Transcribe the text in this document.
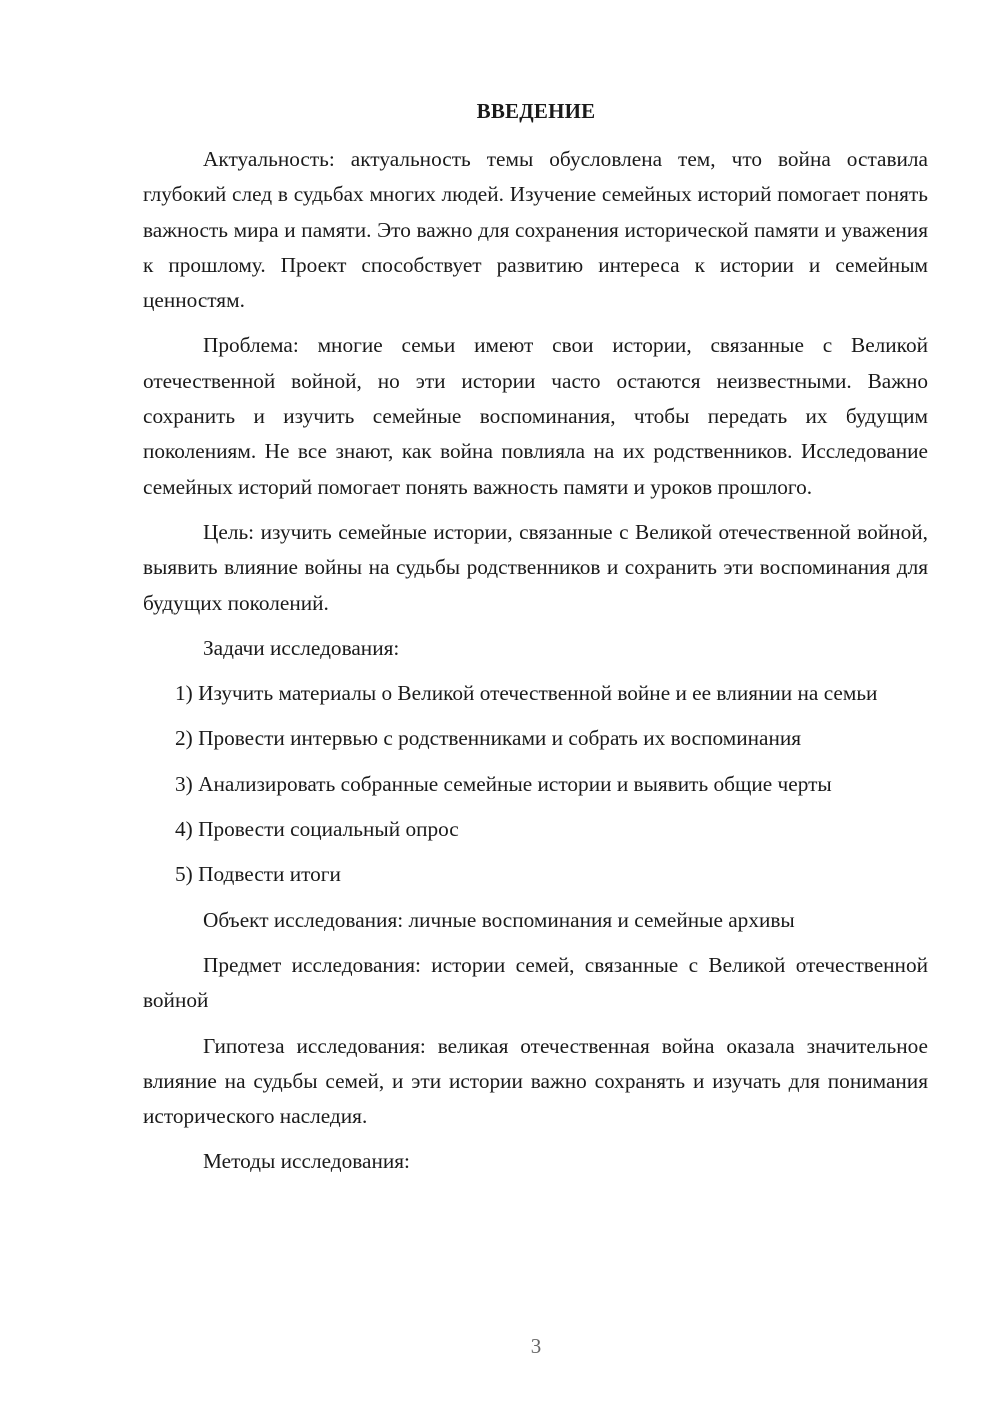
ВВЕДЕНИЕ

Актуальность: актуальность темы обусловлена тем, что война оставила глубокий след в судьбах многих людей. Изучение семейных историй помогает понять важность мира и памяти. Это важно для сохранения исторической памяти и уважения к прошлому. Проект способствует развитию интереса к истории и семейным ценностям.

Проблема: многие семьи имеют свои истории, связанные с Великой отечественной войной, но эти истории часто остаются неизвестными. Важно сохранить и изучить семейные воспоминания, чтобы передать их будущим поколениям. Не все знают, как война повлияла на их родственников. Исследование семейных историй помогает понять важность памяти и уроков прошлого.

Цель: изучить семейные истории, связанные с Великой отечественной войной, выявить влияние войны на судьбы родственников и сохранить эти воспоминания для будущих поколений.

Задачи исследования:

1) Изучить материалы о Великой отечественной войне и ее влиянии на семьи

2) Провести интервью с родственниками и собрать их воспоминания

3) Анализировать собранные семейные истории и выявить общие черты

4) Провести социальный опрос

5) Подвести итоги

Объект исследования: личные воспоминания и семейные архивы

Предмет исследования: истории семей, связанные с Великой отечественной войной

Гипотеза исследования: великая отечественная война оказала значительное влияние на судьбы семей, и эти истории важно сохранять и изучать для понимания исторического наследия.

Методы исследования:

3
